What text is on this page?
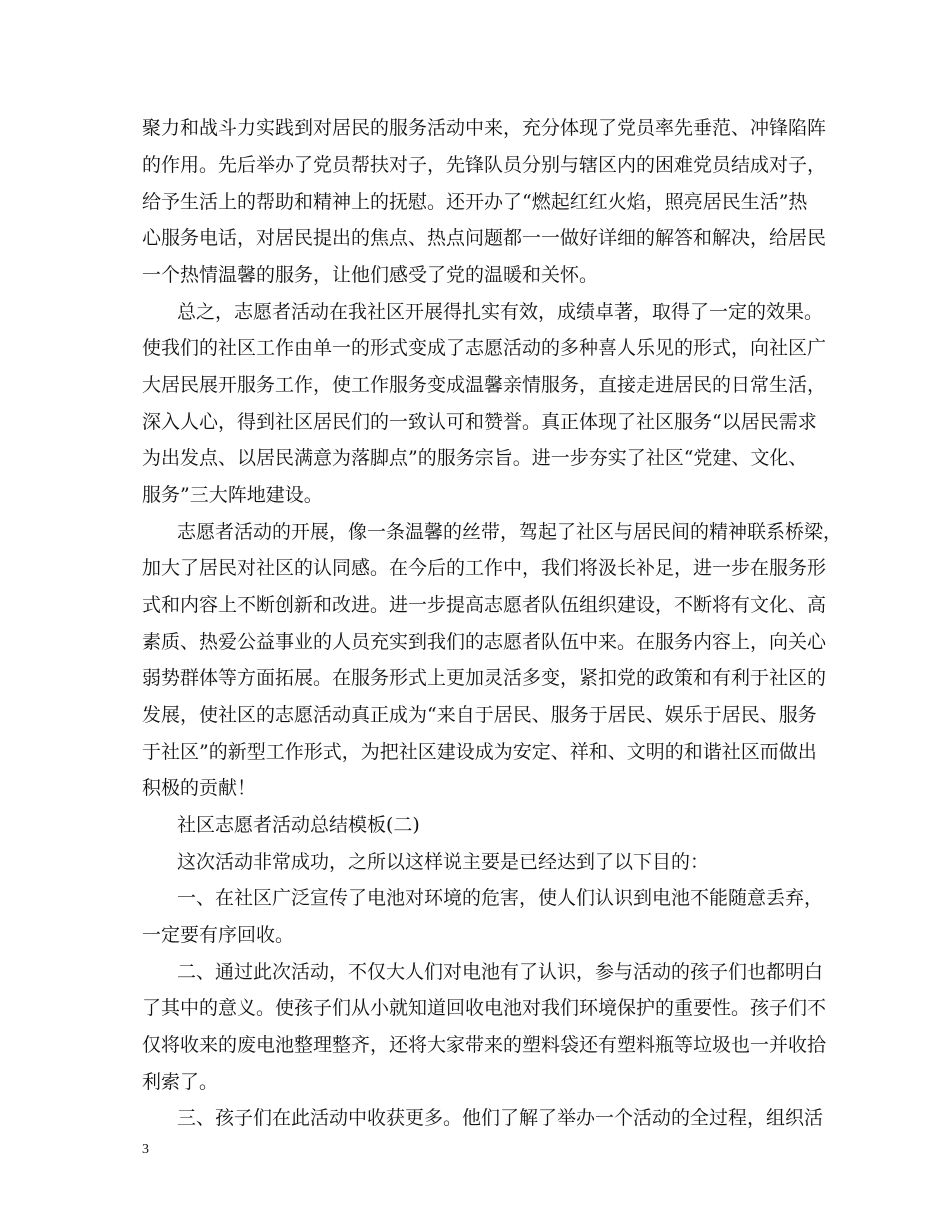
聚力和战斗力实践到对居民的服务活动中来，充分体现了党员率先垂范、冲锋陷阵
的作用。先后举办了党员帮扶对子，先锋队员分别与辖区内的困难党员结成对子，
给予生活上的帮助和精神上的抚慰。还开办了“燃起红红火焰，照亮居民生活”热
心服务电话，对居民提出的焦点、热点问题都一一做好详细的解答和解决，给居民
一个热情温馨的服务，让他们感受了党的温暖和关怀。
总之，志愿者活动在我社区开展得扎实有效，成绩卓著，取得了一定的效果。
使我们的社区工作由单一的形式变成了志愿活动的多种喜人乐见的形式，向社区广
大居民展开服务工作，使工作服务变成温馨亲情服务，直接走进居民的日常生活，
深入人心，得到社区居民们的一致认可和赞誉。真正体现了社区服务“以居民需求
为出发点、以居民满意为落脚点”的服务宗旨。进一步夯实了社区“党建、文化、
服务”三大阵地建设。
志愿者活动的开展，像一条温馨的丝带，驾起了社区与居民间的精神联系桥梁，
加大了居民对社区的认同感。在今后的工作中，我们将汲长补足，进一步在服务形
式和内容上不断创新和改进。进一步提高志愿者队伍组织建设，不断将有文化、高
素质、热爱公益事业的人员充实到我们的志愿者队伍中来。在服务内容上，向关心
弱势群体等方面拓展。在服务形式上更加灵活多变，紧扣党的政策和有利于社区的
发展，使社区的志愿活动真正成为“来自于居民、服务于居民、娱乐于居民、服务
于社区”的新型工作形式，为把社区建设成为安定、祥和、文明的和谐社区而做出
积极的贡献！
社区志愿者活动总结模板(二)
这次活动非常成功，之所以这样说主要是已经达到了以下目的：
一、在社区广泛宣传了电池对环境的危害，使人们认识到电池不能随意丢弃，
一定要有序回收。
二、通过此次活动，不仅大人们对电池有了认识，参与活动的孩子们也都明白
了其中的意义。使孩子们从小就知道回收电池对我们环境保护的重要性。孩子们不
仅将收来的废电池整理整齐，还将大家带来的塑料袋还有塑料瓶等垃圾也一并收拾
利索了。
三、孩子们在此活动中收获更多。他们了解了举办一个活动的全过程，组织活
3
